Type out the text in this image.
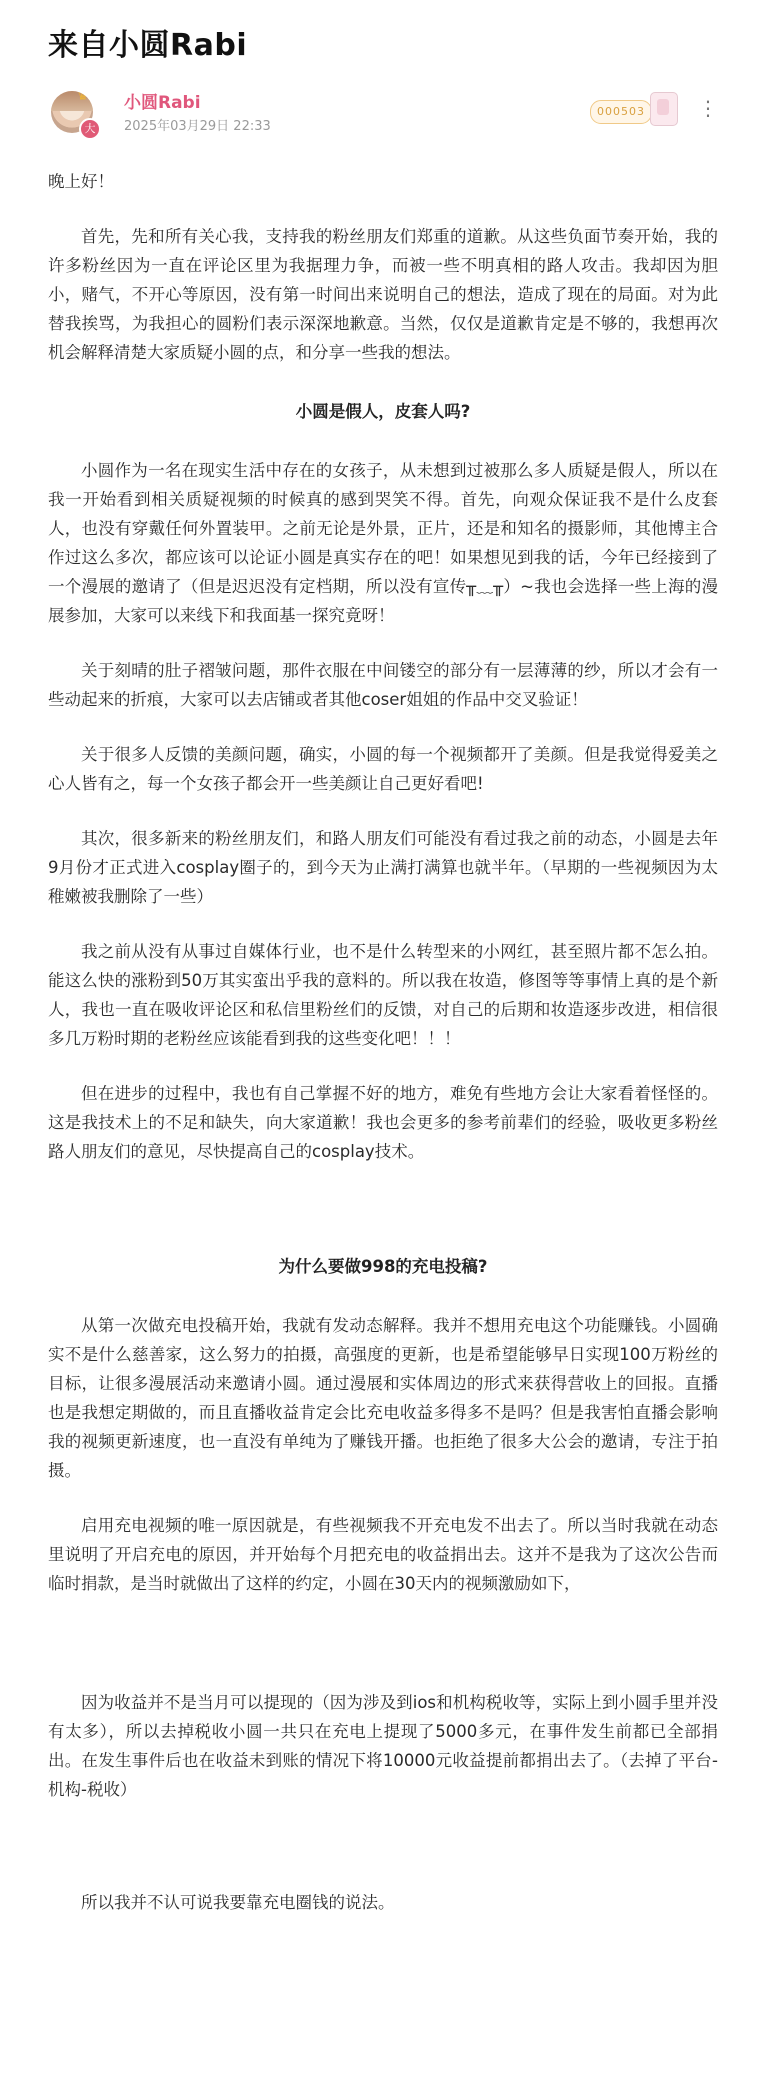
来自小圆Rabi
♛
大
小圆Rabi
2025年03月29日 22:33
000503	⋮

晚上好！

首先，先和所有关心我，支持我的粉丝朋友们郑重的道歉。从这些负面节奏开始，我的许多粉丝因为一直在评论区里为我据理力争，而被一些不明真相的路人攻击。我却因为胆小，赌气，不开心等原因，没有第一时间出来说明自己的想法，造成了现在的局面。对为此替我挨骂，为我担心的圆粉们表示深深地歉意。当然，仅仅是道歉肯定是不够的，我想再次机会解释清楚大家质疑小圆的点，和分享一些我的想法。

小圆是假人，皮套人吗?

小圆作为一名在现实生活中存在的女孩子，从未想到过被那么多人质疑是假人，所以在我一开始看到相关质疑视频的时候真的感到哭笑不得。首先，向观众保证我不是什么皮套人，也没有穿戴任何外置装甲。之前无论是外景，正片，还是和知名的摄影师，其他博主合作过这么多次，都应该可以论证小圆是真实存在的吧！如果想见到我的话，今年已经接到了一个漫展的邀请了（但是迟迟没有定档期，所以没有宣传╥﹏╥）~我也会选择一些上海的漫展参加，大家可以来线下和我面基一探究竟呀！

关于刻晴的肚子褶皱问题，那件衣服在中间镂空的部分有一层薄薄的纱，所以才会有一些动起来的折痕，大家可以去店铺或者其他coser姐姐的作品中交叉验证！

关于很多人反馈的美颜问题，确实，小圆的每一个视频都开了美颜。但是我觉得爱美之心人皆有之，每一个女孩子都会开一些美颜让自己更好看吧!

其次，很多新来的粉丝朋友们，和路人朋友们可能没有看过我之前的动态，小圆是去年9月份才正式进入cosplay圈子的，到今天为止满打满算也就半年。（早期的一些视频因为太稚嫩被我删除了一些）

我之前从没有从事过自媒体行业，也不是什么转型来的小网红，甚至照片都不怎么拍。能这么快的涨粉到50万其实蛮出乎我的意料的。所以我在妆造，修图等等事情上真的是个新人，我也一直在吸收评论区和私信里粉丝们的反馈，对自己的后期和妆造逐步改进，相信很多几万粉时期的老粉丝应该能看到我的这些变化吧！！！

但在进步的过程中，我也有自己掌握不好的地方，难免有些地方会让大家看着怪怪的。这是我技术上的不足和缺失，向大家道歉！我也会更多的参考前辈们的经验，吸收更多粉丝路人朋友们的意见，尽快提高自己的cosplay技术。

为什么要做998的充电投稿?

从第一次做充电投稿开始，我就有发动态解释。我并不想用充电这个功能赚钱。小圆确实不是什么慈善家，这么努力的拍摄，高强度的更新，也是希望能够早日实现100万粉丝的目标，让很多漫展活动来邀请小圆。通过漫展和实体周边的形式来获得营收上的回报。直播也是我想定期做的，而且直播收益肯定会比充电收益多得多不是吗？但是我害怕直播会影响我的视频更新速度，也一直没有单纯为了赚钱开播。也拒绝了很多大公会的邀请，专注于拍摄。

启用充电视频的唯一原因就是，有些视频我不开充电发不出去了。所以当时我就在动态里说明了开启充电的原因，并开始每个月把充电的收益捐出去。这并不是我为了这次公告而临时捐款，是当时就做出了这样的约定，小圆在30天内的视频激励如下，

因为收益并不是当月可以提现的（因为涉及到ios和机构税收等，实际上到小圆手里并没有太多），所以去掉税收小圆一共只在充电上提现了5000多元，在事件发生前都已全部捐出。在发生事件后也在收益未到账的情况下将10000元收益提前都捐出去了。（去掉了平台-机构-税收）

所以我并不认可说我要靠充电圈钱的说法。
